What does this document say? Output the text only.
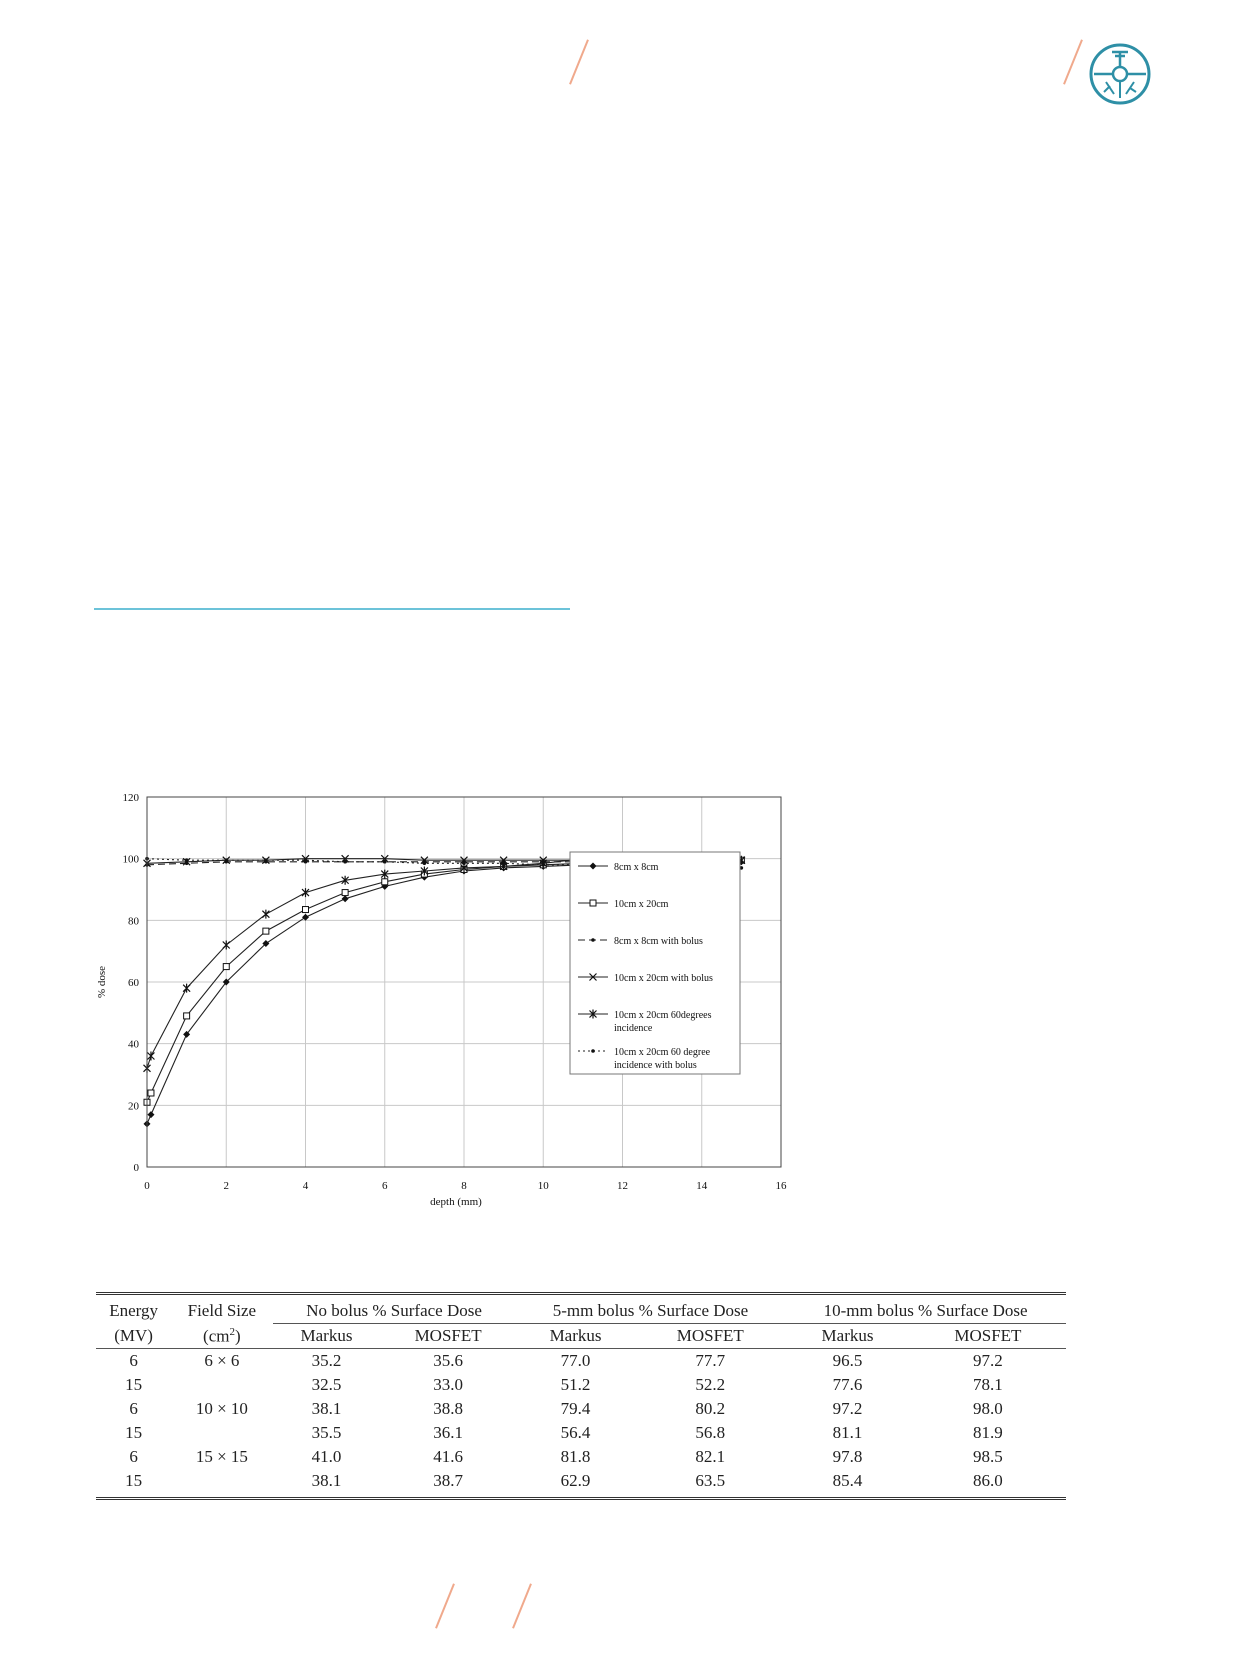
0	2	4	6	8	10	12	14	16
0
20
40
60
80
100
120
depth (mm)
% dose
8cm x 8cm
10cm x 20cm
8cm x 8cm with bolus
10cm x 20cm with bolus
10cm x 20cm 60degrees
incidence
10cm x 20cm 60 degree
incidence with bolus
Energy	Field Size	No bolus % Surface Dose		5-mm bolus % Surface Dose		10-mm bolus % Surface Dose	
(MV)	$(cm^2)$	Markus	MOSFET	Markus	MOSFET	Markus	MOSFET
6	6 × 6	35.2	35.6	77.0	77.7	96.5	97.2
15		32.5	33.0	51.2	52.2	77.6	78.1
6	10 × 10	38.1	38.8	79.4	80.2	97.2	98.0
15		35.5	36.1	56.4	56.8	81.1	81.9
6	15 × 15	41.0	41.6	81.8	82.1	97.8	98.5
15		38.1	38.7	62.9	63.5	85.4	86.0
